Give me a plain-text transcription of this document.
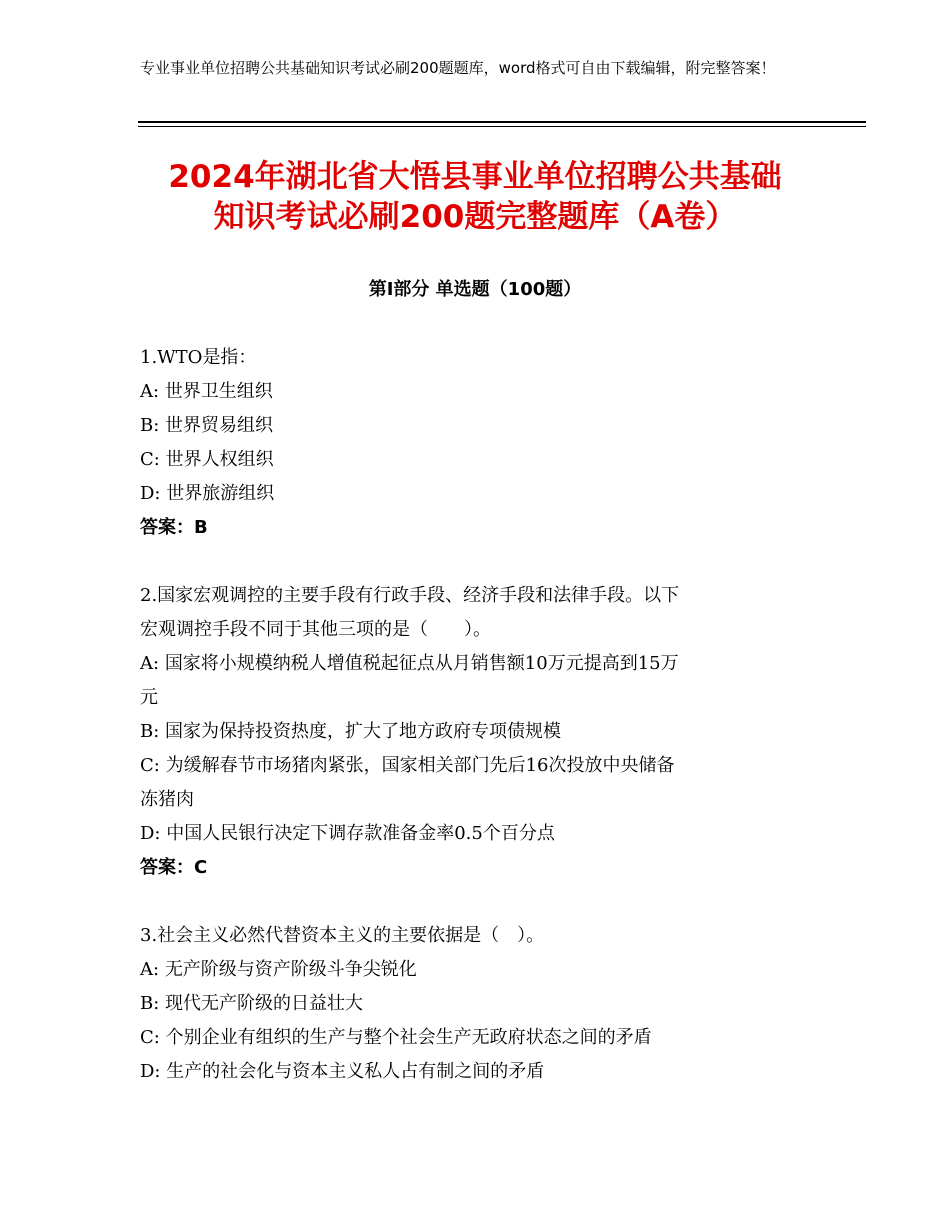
专业事业单位招聘公共基础知识考试必刷200题题库，word格式可自由下载编辑，附完整答案！
2024年湖北省大悟县事业单位招聘公共基础
知识考试必刷200题完整题库（A卷）
第Ⅰ部分 单选题（100题）
1.WTO是指：
A: 世界卫生组织
B: 世界贸易组织
C: 世界人权组织
D: 世界旅游组织
答案：B
2.国家宏观调控的主要手段有行政手段、经济手段和法律手段。以下
宏观调控手段不同于其他三项的是（　　）。
A: 国家将小规模纳税人增值税起征点从月销售额10万元提高到15万
元
B: 国家为保持投资热度，扩大了地方政府专项债规模
C: 为缓解春节市场猪肉紧张，国家相关部门先后16次投放中央储备
冻猪肉
D: 中国人民银行决定下调存款准备金率0.5个百分点
答案：C
3.社会主义必然代替资本主义的主要依据是（　）。
A: 无产阶级与资产阶级斗争尖锐化
B: 现代无产阶级的日益壮大
C: 个别企业有组织的生产与整个社会生产无政府状态之间的矛盾
D: 生产的社会化与资本主义私人占有制之间的矛盾
